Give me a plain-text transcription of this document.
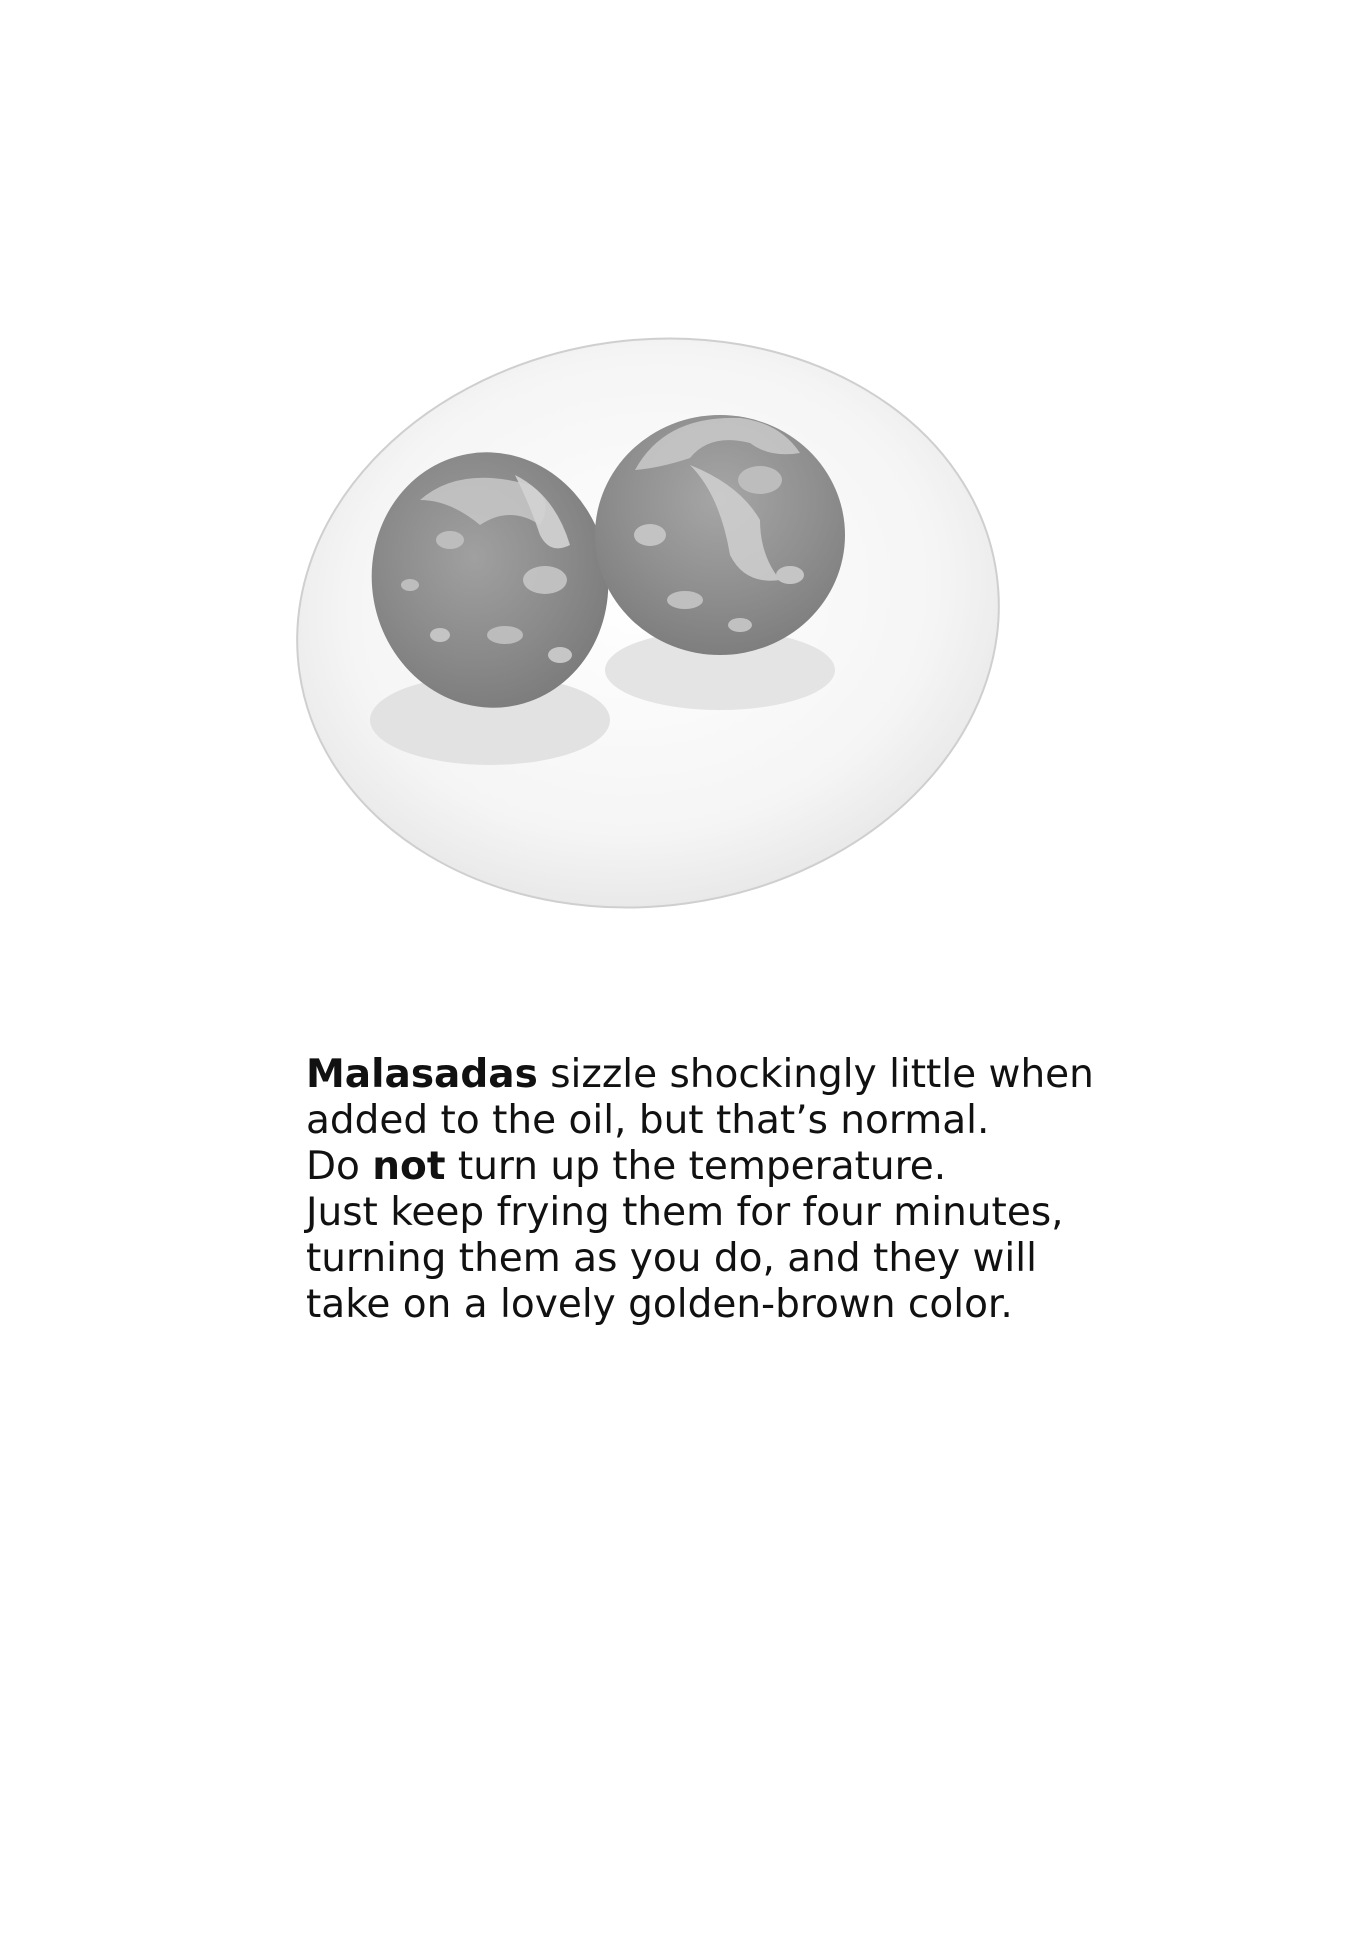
Malasadas sizzle shockingly little when
added to the oil, but that’s normal.
Do not turn up the temperature.
Just keep frying them for four minutes,
turning them as you do, and they will
take on a lovely golden-brown color.
